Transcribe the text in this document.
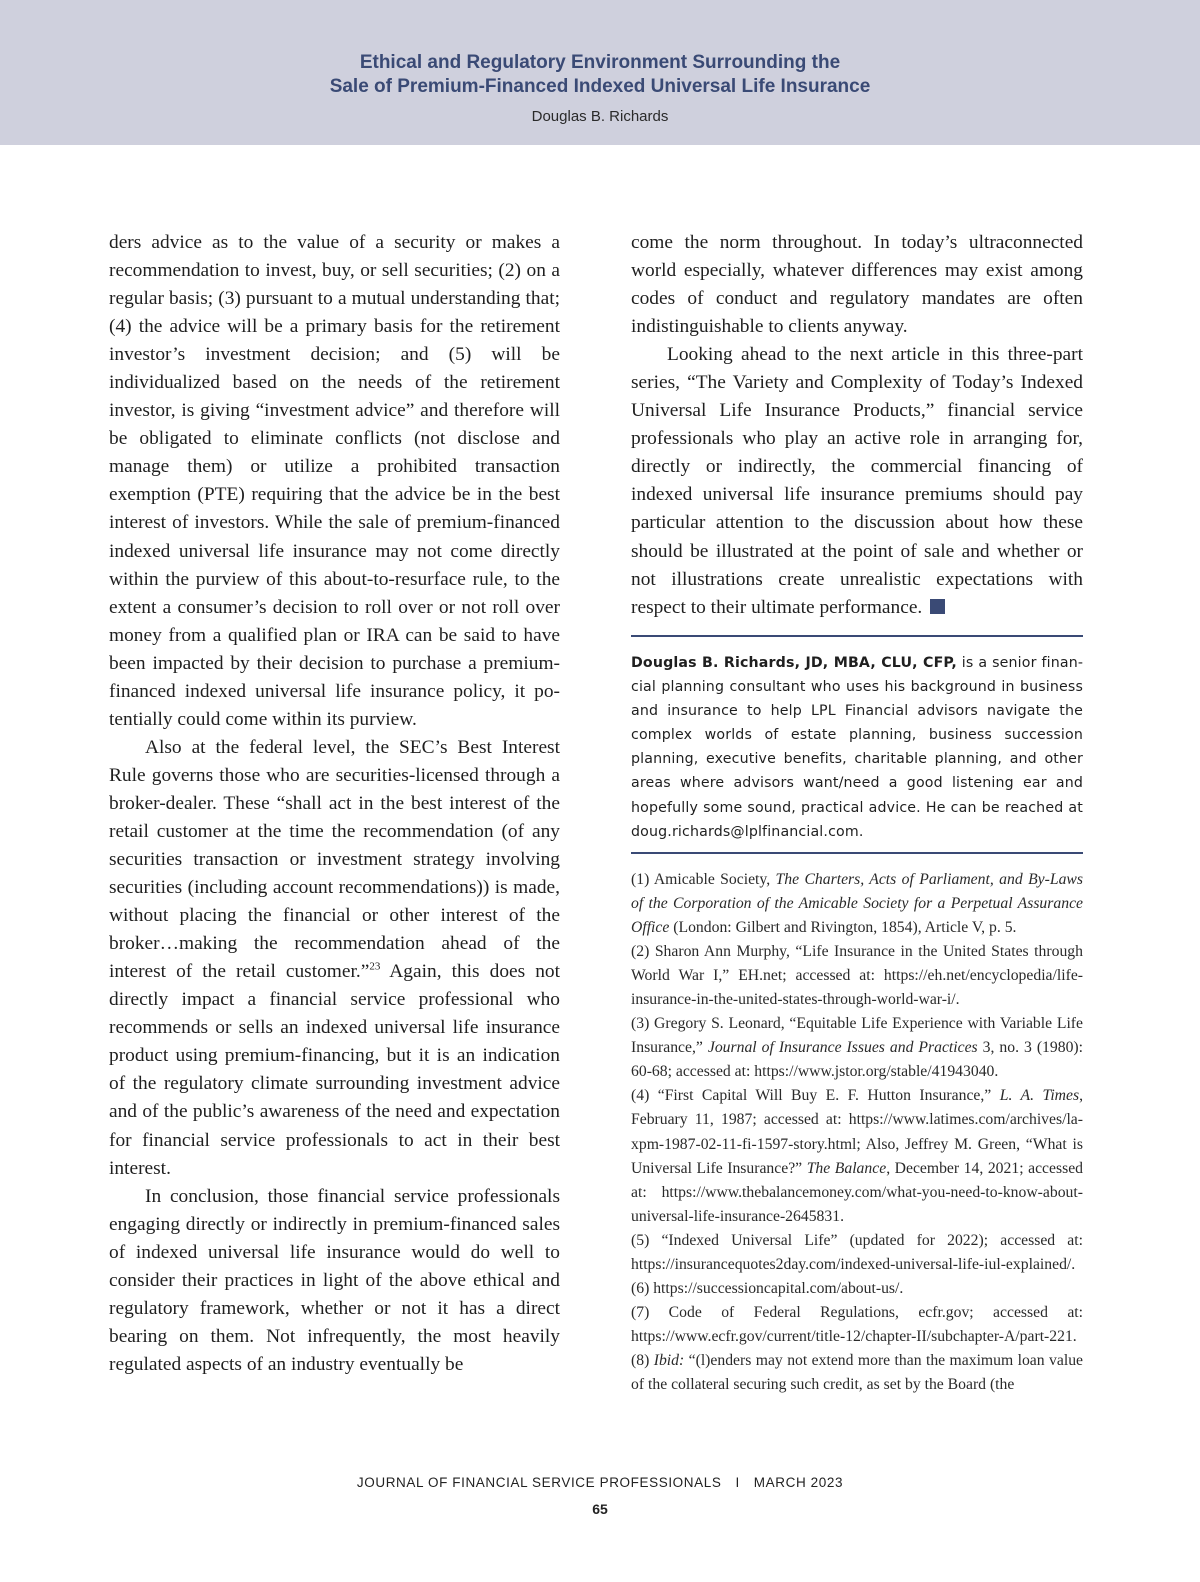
Ethical and Regulatory Environment Surrounding the
Sale of Premium-Financed Indexed Universal Life Insurance
Douglas B. Richards

ders advice as to the value of a security or makes a recommendation to invest, buy, or sell securities; (2) on a regular basis; (3) pursuant to a mutual understanding that; (4) the advice will be a primary basis for the retirement investor’s investment decision; and (5) will be individualized based on the needs of the retirement investor, is giving “investment advice” and therefore will be obligated to eliminate conflicts (not disclose and manage them) or utilize a prohibited transaction exemption (PTE) requiring that the advice be in the best interest of investors. While the sale of premium-financed indexed universal life insurance may not come directly within the purview of this about-to-resurface rule, to the extent a consumer’s decision to roll over or not roll over money from a qualified plan or IRA can be said to have been impacted by their decision to purchase a premium-financed indexed universal life insurance policy, it potentially could come within its purview.

Also at the federal level, the SEC’s Best Interest Rule governs those who are securities-licensed through a broker-dealer. These “shall act in the best interest of the retail customer at the time the recommendation (of any securities transaction or investment strategy involving securities (including account recommendations)) is made, without placing the financial or other interest of the broker…making the recommendation ahead of the interest of the retail customer.”$^{23}$ Again, this does not directly impact a financial service professional who recommends or sells an indexed universal life insurance product using premium-financing, but it is an indication of the regulatory climate surrounding investment advice and of the public’s awareness of the need and expectation for financial service professionals to act in their best interest.

In conclusion, those financial service professionals engaging directly or indirectly in premium-financed sales of indexed universal life insurance would do well to consider their practices in light of the above ethical and regulatory framework, whether or not it has a direct bearing on them. Not infrequently, the most heavily regulated aspects of an industry eventually be

come the norm throughout. In today’s ultraconnected world especially, whatever differences may exist among codes of conduct and regulatory mandates are often indistinguishable to clients anyway.

Looking ahead to the next article in this three-part series, “The Variety and Complexity of Today’s Indexed Universal Life Insurance Products,” financial service professionals who play an active role in arranging for, directly or indirectly, the commercial financing of indexed universal life insurance premiums should pay particular attention to the discussion about how these should be illustrated at the point of sale and whether or not illustrations create unrealistic expectations with respect to their ultimate performance.

Douglas B. Richards, JD, MBA, CLU, CFP, is a senior financial planning consultant who uses his background in business and insurance to help LPL Financial advisors navigate the complex worlds of estate planning, business succession planning, executive benefits, charitable planning, and other areas where advisors want/need a good listening ear and hopefully some sound, practical advice. He can be reached at doug.richards@lplfinancial.com.

(1) Amicable Society, The Charters, Acts of Parliament, and By-Laws of the Corporation of the Amicable Society for a Perpetual Assurance Office (London: Gilbert and Rivington, 1854), Article V, p. 5.

(2) Sharon Ann Murphy, “Life Insurance in the United States through World War I,” EH.net; accessed at: https://eh.net/encyclopedia/life-insurance-in-the-united-states-through-world-war-i/.

(3) Gregory S. Leonard, “Equitable Life Experience with Variable Life Insurance,” Journal of Insurance Issues and Practices 3, no. 3 (1980): 60-68; accessed at: https://www.jstor.org/stable/41943040.

(4) “First Capital Will Buy E. F. Hutton Insurance,” L. A. Times, February 11, 1987; accessed at: https://www.latimes.com/archives/la-xpm-1987-02-11-fi-1597-story.html; Also, Jeffrey M. Green, “What is Universal Life Insurance?” The Balance, December 14, 2021; accessed at: https://www.thebalancemoney.com/what-you-need-to-know-about-universal-life-insurance-2645831.

(5) “Indexed Universal Life” (updated for 2022); accessed at: https://insurancequotes2day.com/indexed-universal-life-iul-explained/.

(6) https://successioncapital.com/about-us/.

(7) Code of Federal Regulations, ecfr.gov; accessed at: https://www.ecfr.gov/current/title-12/chapter-II/subchapter-A/part-221.

(8) Ibid: “(l)enders may not extend more than the maximum loan value of the collateral securing such credit, as set by the Board (the

JOURNAL OF FINANCIAL SERVICE PROFESSIONALS I MARCH 2023
65
